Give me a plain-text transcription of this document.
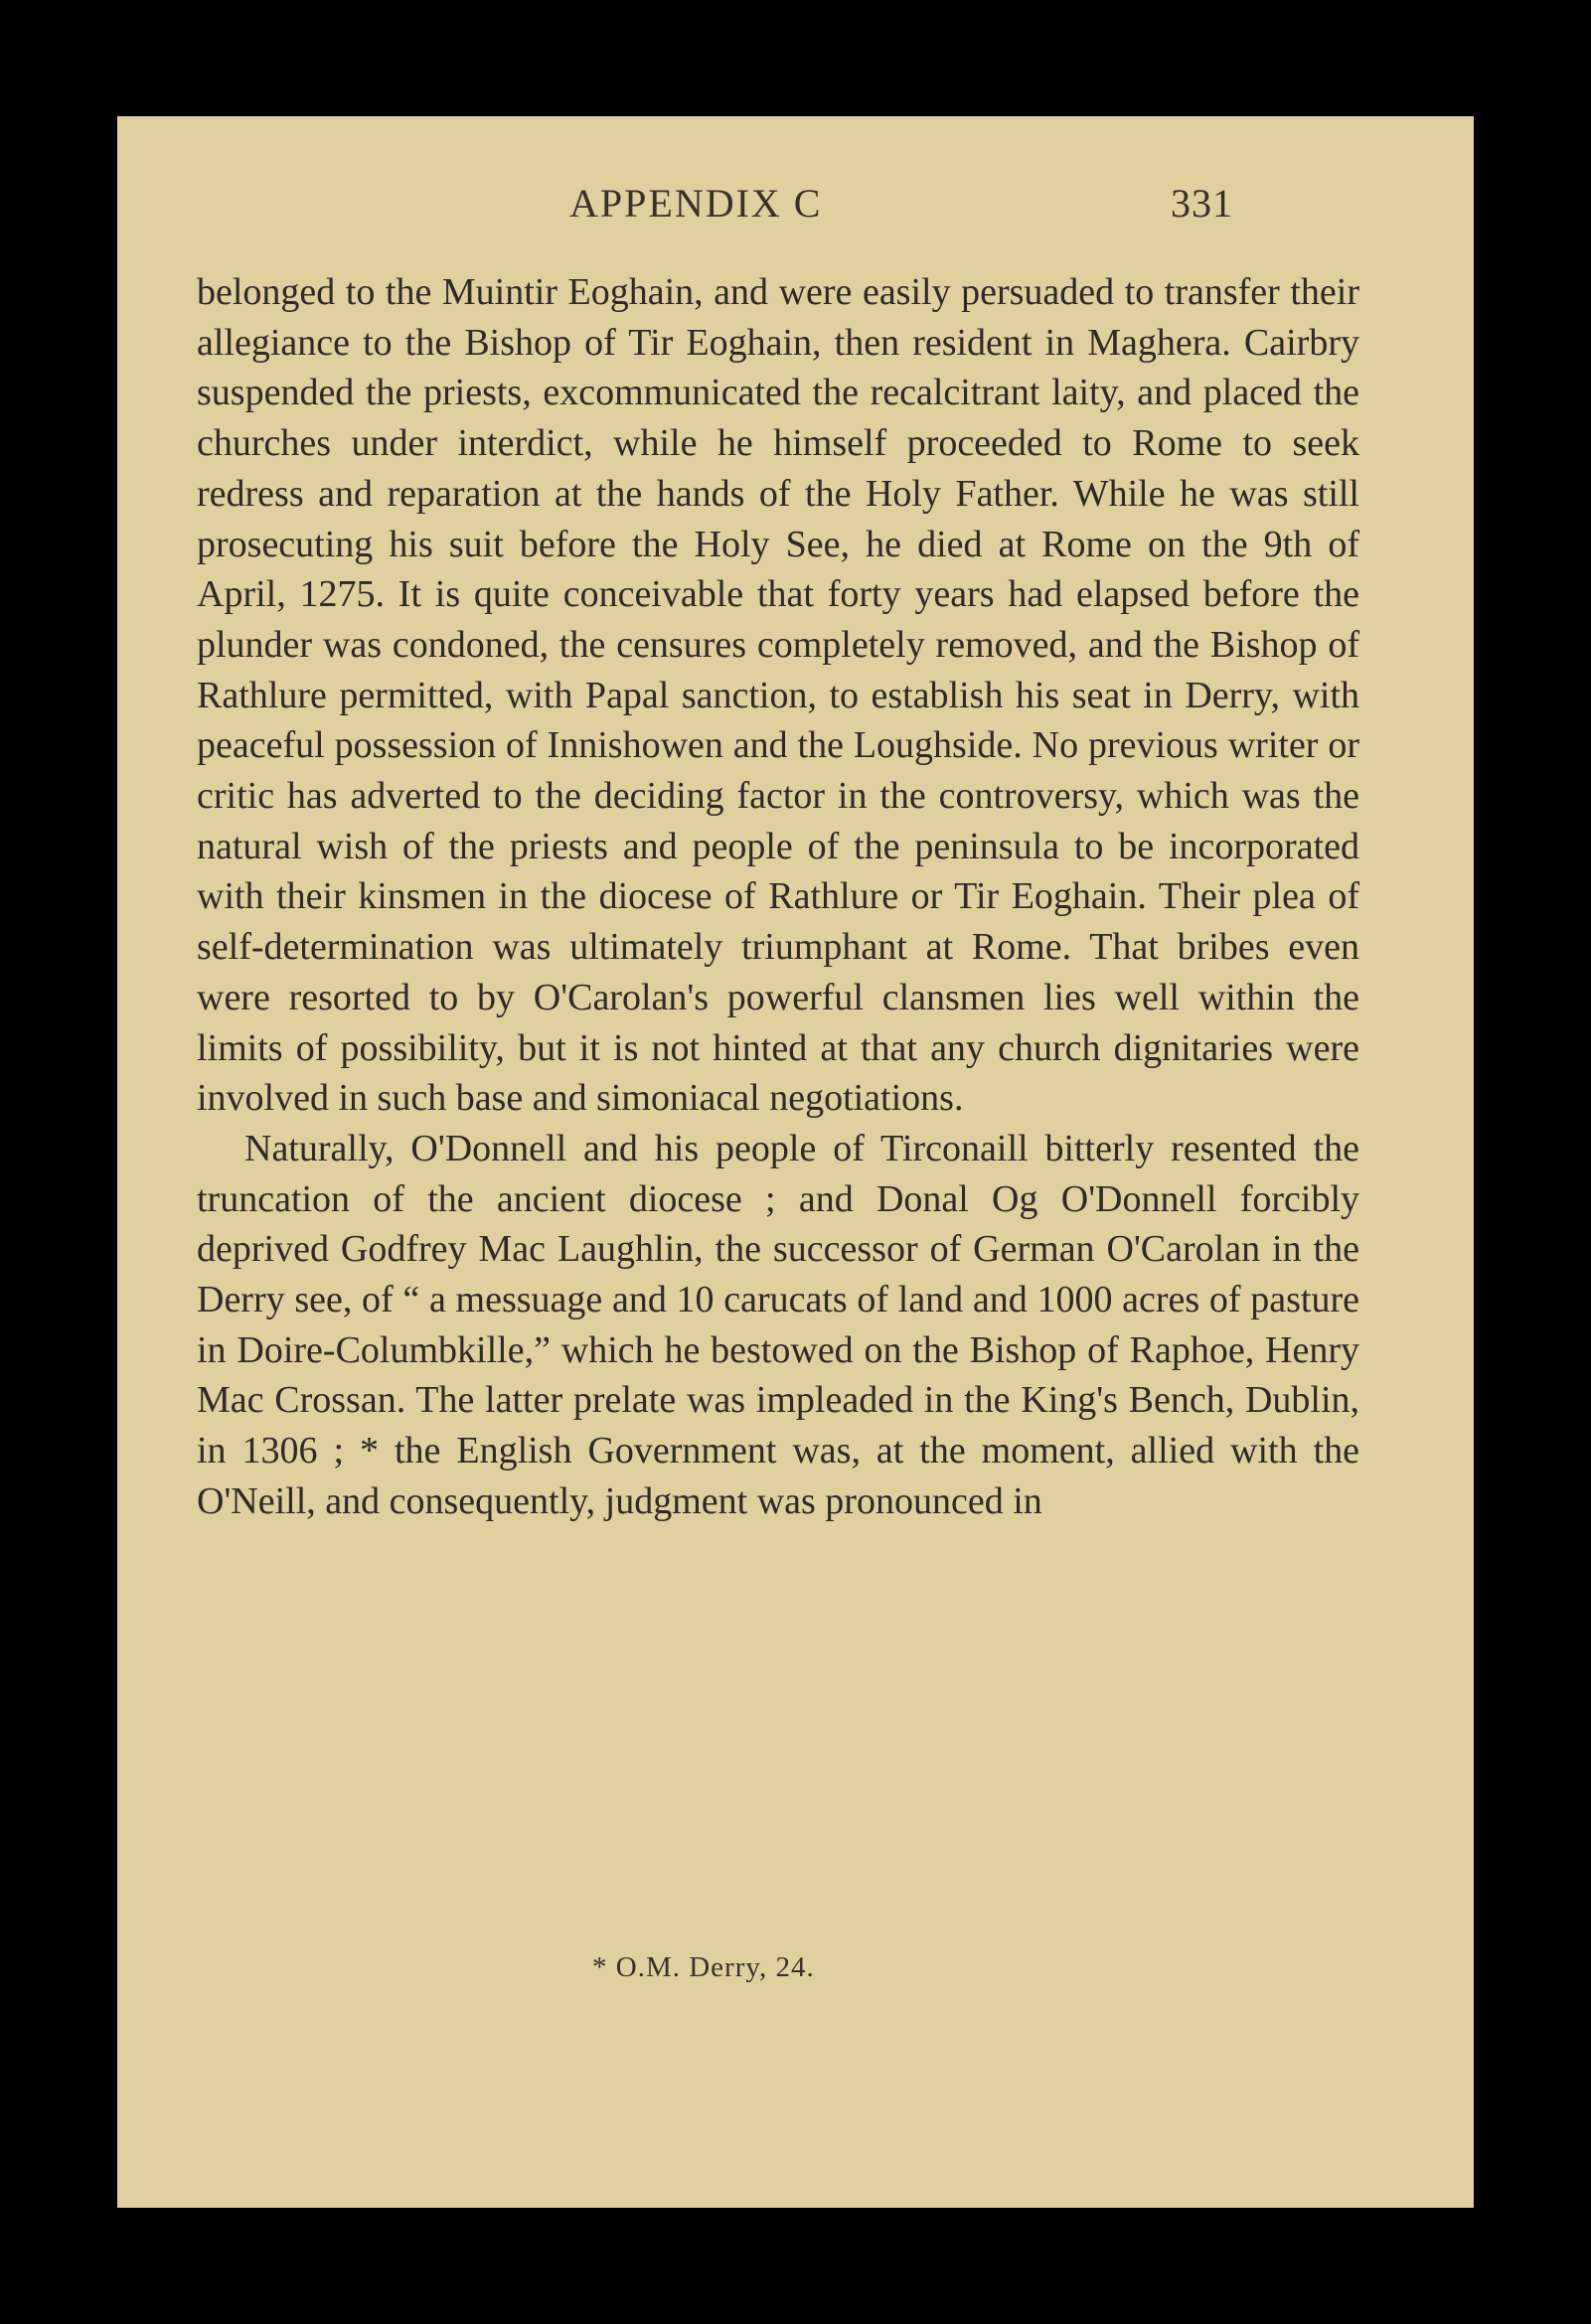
APPENDIX C	331

belonged to the Muintir Eoghain, and were easily persuaded to transfer their allegiance to the Bishop of Tir Eoghain, then resident in Maghera. Cairbry suspended the priests, excommunicated the recalcitrant laity, and placed the churches under interdict, while he himself proceeded to Rome to seek redress and reparation at the hands of the Holy Father. While he was still prosecuting his suit before the Holy See, he died at Rome on the 9th of April, 1275. It is quite conceivable that forty years had elapsed before the plunder was condoned, the censures completely removed, and the Bishop of Rathlure permitted, with Papal sanction, to establish his seat in Derry, with peaceful possession of Innishowen and the Loughside. No previous writer or critic has adverted to the deciding factor in the controversy, which was the natural wish of the priests and people of the peninsula to be incorporated with their kinsmen in the diocese of Rathlure or Tir Eoghain. Their plea of self-determination was ultimately triumphant at Rome. That bribes even were resorted to by O'Carolan's powerful clansmen lies well within the limits of possibility, but it is not hinted at that any church dignitaries were involved in such base and simoniacal negotiations.

Naturally, O'Donnell and his people of Tirconaill bitterly resented the truncation of the ancient diocese ; and Donal Og O'Donnell forcibly deprived Godfrey Mac Laughlin, the successor of German O'Carolan in the Derry see, of “ a messuage and 10 carucats of land and 1000 acres of pasture in Doire-Columbkille,” which he bestowed on the Bishop of Raphoe, Henry Mac Crossan. The latter prelate was impleaded in the King's Bench, Dublin, in 1306 ; * the English Government was, at the moment, allied with the O'Neill, and consequently, judgment was pronounced in

* O.M. Derry, 24.
